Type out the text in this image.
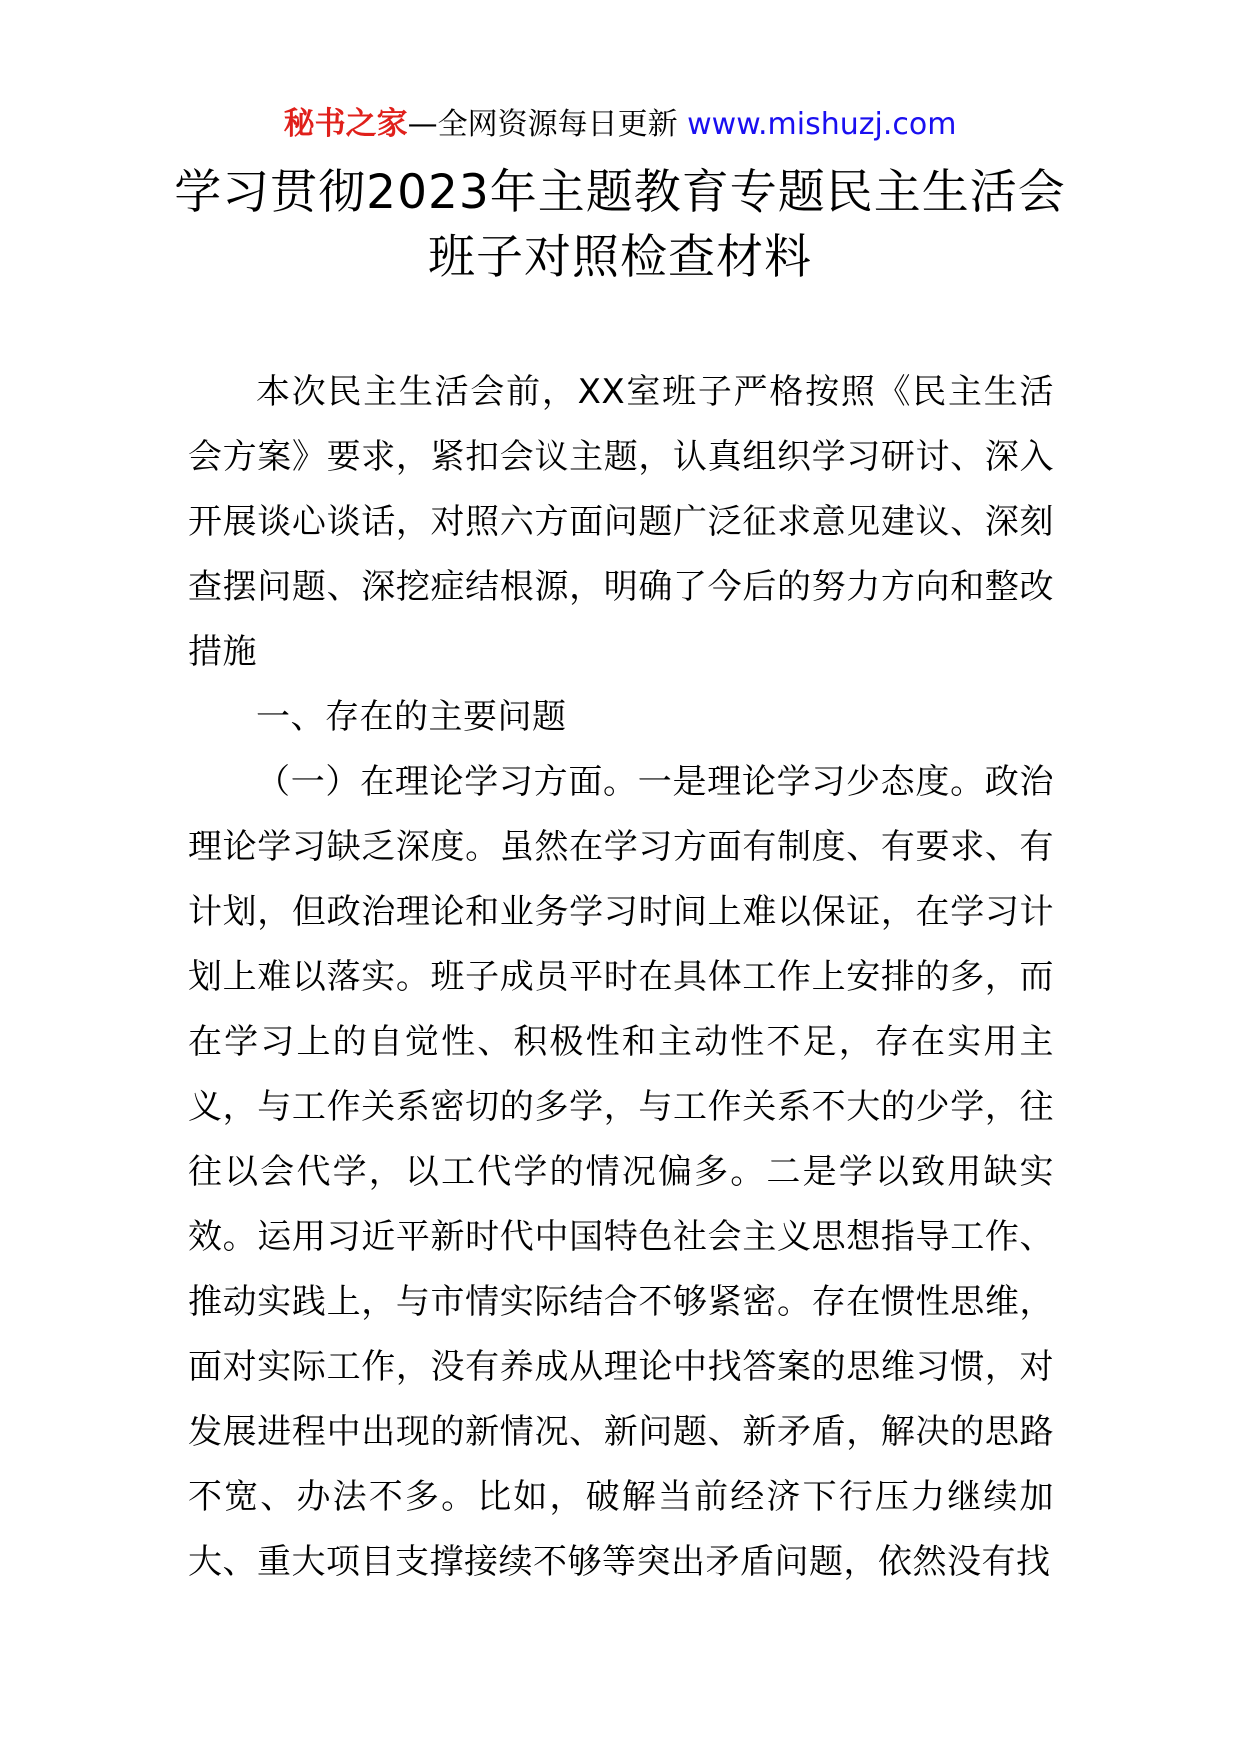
秘书之家—全网资源每日更新 www.mishuzj.com
学习贯彻2023年主题教育专题民主生活会
班子对照检查材料

本次民主生活会前，XX室班子严格按照《民主生活会方案》要求，紧扣会议主题，认真组织学习研讨、深入开展谈心谈话，对照六方面问题广泛征求意见建议、深刻查摆问题、深挖症结根源，明确了今后的努力方向和整改措施

一、存在的主要问题

（一）在理论学习方面。一是理论学习少态度。政治理论学习缺乏深度。虽然在学习方面有制度、有要求、有计划，但政治理论和业务学习时间上难以保证，在学习计划上难以落实。班子成员平时在具体工作上安排的多，而在学习上的自觉性、积极性和主动性不足，存在实用主义，与工作关系密切的多学，与工作关系不大的少学，往往以会代学，以工代学的情况偏多。二是学以致用缺实效。运用习近平新时代中国特色社会主义思想指导工作、推动实践上，与市情实际结合不够紧密。存在惯性思维，面对实际工作，没有养成从理论中找答案的思维习惯，对发展进程中出现的新情况、新问题、新矛盾，解决的思路不宽、办法不多。比如，破解当前经济下行压力继续加大、重大项目支撑接续不够等突出矛盾问题，依然没有找
